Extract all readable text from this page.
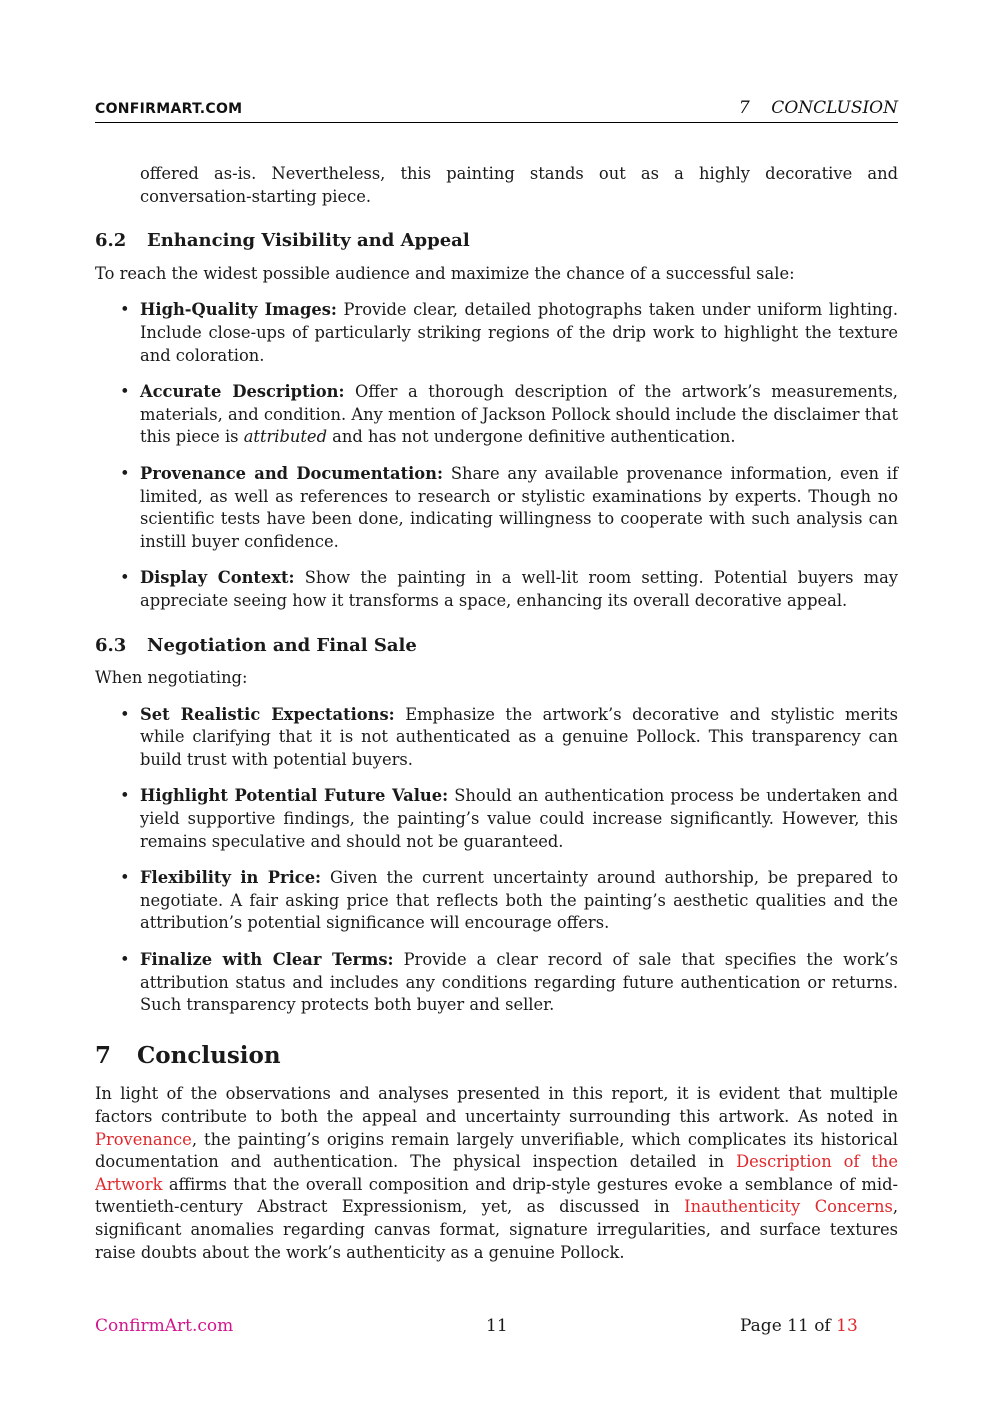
CONFIRMART.COM	7    CONCLUSION

offered as-is. Nevertheless, this painting stands out as a highly decorative and conversation-starting piece.

6.2 Enhancing Visibility and Appeal

To reach the widest possible audience and maximize the chance of a successful sale:

• High-Quality Images: Provide clear, detailed photographs taken under uniform lighting. Include close-ups of particularly striking regions of the drip work to highlight the texture and coloration.
• Accurate Description: Offer a thorough description of the artwork’s measurements, materials, and condition. Any mention of Jackson Pollock should include the disclaimer that this piece is attributed and has not undergone definitive authentication.
• Provenance and Documentation: Share any available provenance information, even if limited, as well as references to research or stylistic examinations by experts. Though no scientific tests have been done, indicating willingness to cooperate with such analysis can instill buyer confidence.
• Display Context: Show the painting in a well-lit room setting. Potential buyers may appreciate seeing how it transforms a space, enhancing its overall decorative appeal.
6.3 Negotiation and Final Sale

When negotiating:

• Set Realistic Expectations: Emphasize the artwork’s decorative and stylistic merits while clarifying that it is not authenticated as a genuine Pollock. This transparency can build trust with potential buyers.
• Highlight Potential Future Value: Should an authentication process be undertaken and yield supportive findings, the painting’s value could increase significantly. However, this remains speculative and should not be guaranteed.
• Flexibility in Price: Given the current uncertainty around authorship, be prepared to negotiate. A fair asking price that reflects both the painting’s aesthetic qualities and the attribution’s potential significance will encourage offers.
• Finalize with Clear Terms: Provide a clear record of sale that specifies the work’s attribution status and includes any conditions regarding future authentication or returns. Such transparency protects both buyer and seller.
7 Conclusion

In light of the observations and analyses presented in this report, it is evident that multiple factors contribute to both the appeal and uncertainty surrounding this artwork. As noted in Provenance, the painting’s origins remain largely unverifiable, which complicates its historical documentation and authentication. The physical inspection detailed in Description of the Artwork affirms that the overall composition and drip-style gestures evoke a semblance of mid-twentieth-century Abstract Expressionism, yet, as discussed in Inauthenticity Concerns, significant anomalies regarding canvas format, signature irregularities, and surface textures raise doubts about the work’s authenticity as a genuine Pollock.

ConfirmArt.com	11	Page 11 of 13
